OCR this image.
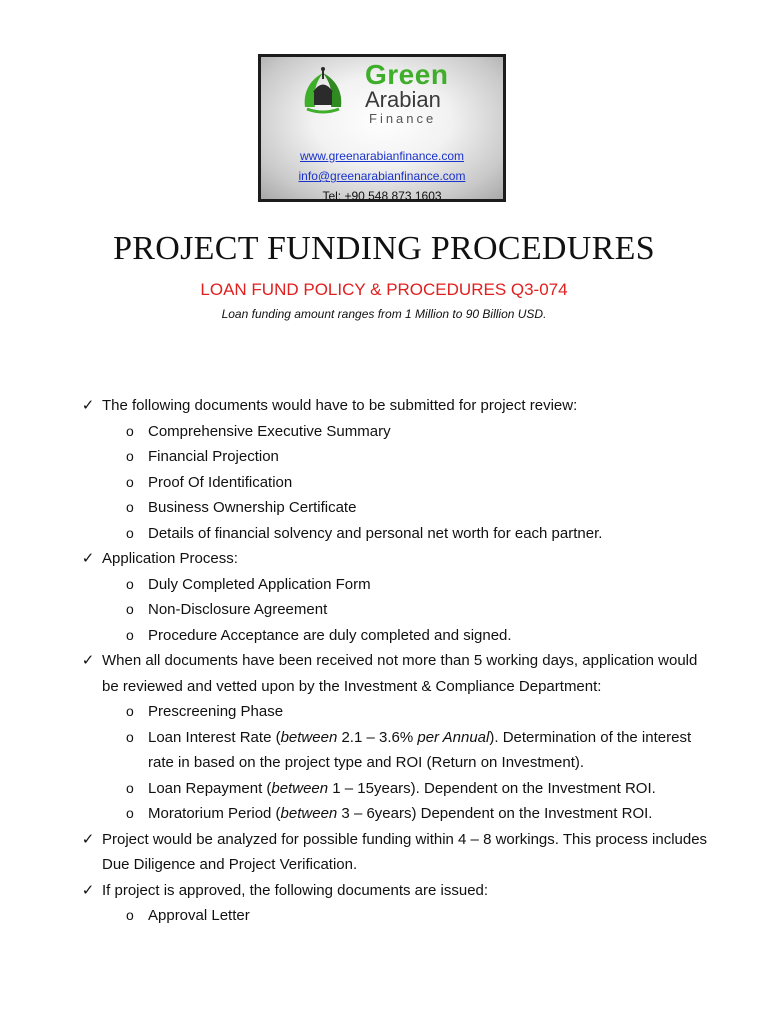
Green
Arabian
Finance
www.greenarabianfinance.com
info@greenarabianfinance.com
Tel: +90 548 873 1603
PROJECT FUNDING PROCEDURES
LOAN FUND POLICY & PROCEDURES Q3-074
Loan funding amount ranges from 1 Million to 90 Billion USD.
✓ The following documents would have to be submitted for project review:
o Comprehensive Executive Summary
o Financial Projection
o Proof Of Identification
o Business Ownership Certificate
o Details of financial solvency and personal net worth for each partner.
✓ Application Process:
o Duly Completed Application Form
o Non-Disclosure Agreement
o Procedure Acceptance are duly completed and signed.
✓ When all documents have been received not more than 5 working days, application would be reviewed and vetted upon by the Investment & Compliance Department:
o Prescreening Phase
o Loan Interest Rate (between 2.1 – 3.6% per Annual). Determination of the interest rate in based on the project type and ROI (Return on Investment).
o Loan Repayment (between 1 – 15years). Dependent on the Investment ROI.
o Moratorium Period (between 3 – 6years) Dependent on the Investment ROI.
✓ Project would be analyzed for possible funding within 4 – 8 workings. This process includes Due Diligence and Project Verification.
✓ If project is approved, the following documents are issued:
o Approval Letter
